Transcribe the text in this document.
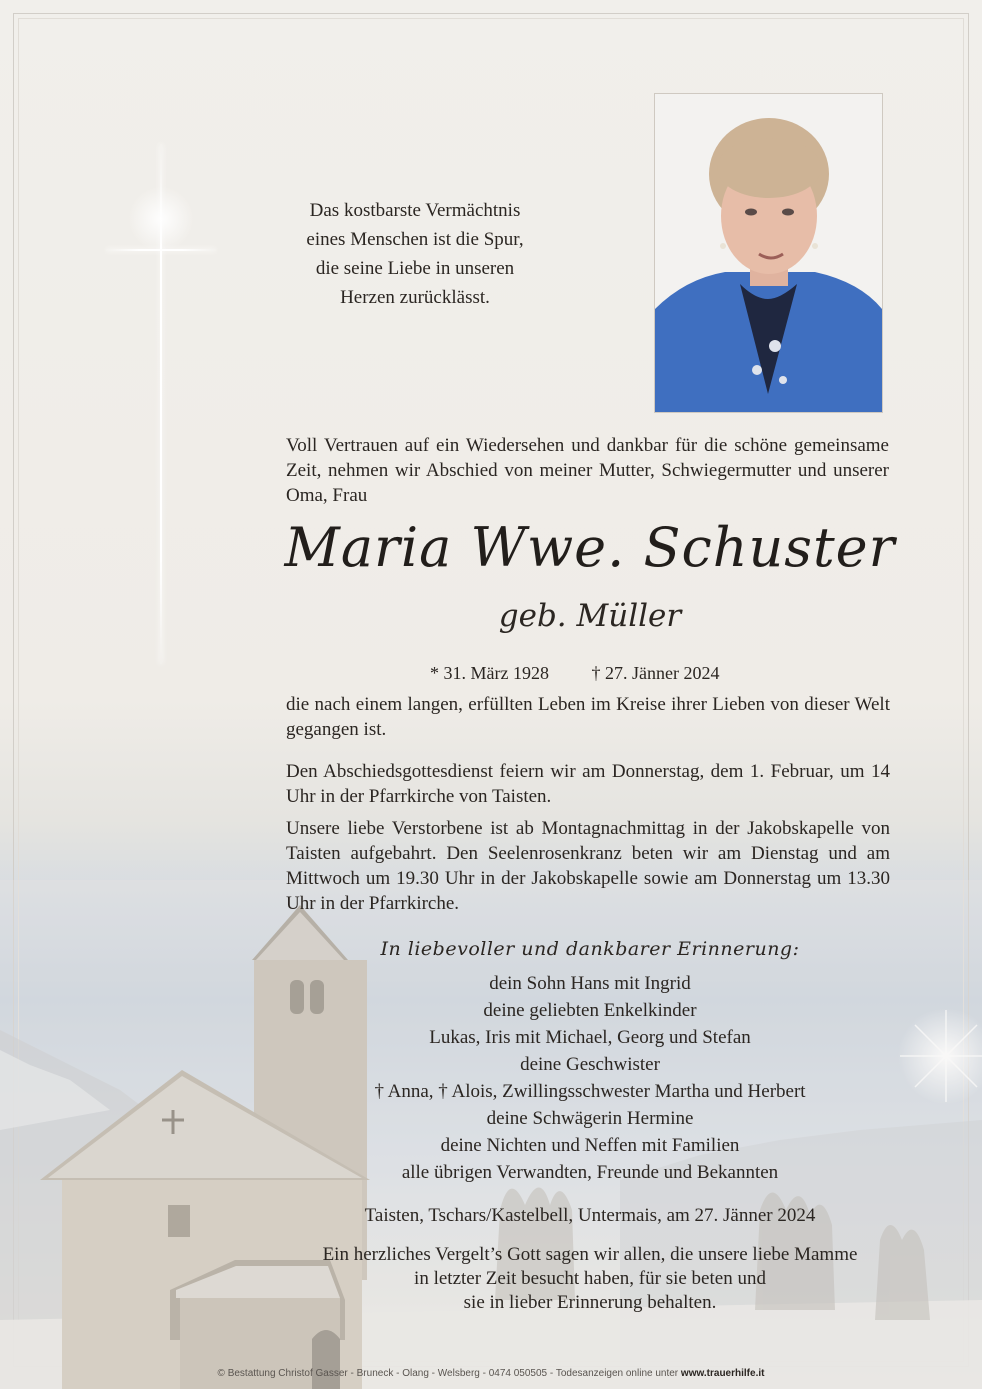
Das kostbarste Vermächtnis
eines Menschen ist die Spur,
die seine Liebe in unseren
Herzen zurücklässt.
Voll Vertrauen auf ein Wiedersehen und dankbar für die schöne gemeinsame Zeit, nehmen wir Abschied von meiner Mutter, Schwiegermutter und unserer Oma, Frau
Maria Wwe. Schuster
geb. Müller
* 31. März 1928 † 27. Jänner 2024
die nach einem langen, erfüllten Leben im Kreise ihrer Lieben von dieser Welt gegangen ist.
Den Abschiedsgottesdienst feiern wir am Donnerstag, dem 1. Februar, um 14 Uhr in der Pfarrkirche von Taisten.
Unsere liebe Verstorbene ist ab Montagnachmittag in der Jakobskapelle von Taisten aufgebahrt. Den Seelenrosenkranz beten wir am Dienstag und am Mittwoch um 19.30 Uhr in der Jakobskapelle sowie am Donnerstag um 13.30 Uhr in der Pfarrkirche.
In liebevoller und dankbarer Erinnerung:
dein Sohn Hans mit Ingrid
deine geliebten Enkelkinder
Lukas, Iris mit Michael, Georg und Stefan
deine Geschwister
† Anna, † Alois, Zwillingsschwester Martha und Herbert
deine Schwägerin Hermine
deine Nichten und Neffen mit Familien
alle übrigen Verwandten, Freunde und Bekannten
Taisten, Tschars/Kastelbell, Untermais, am 27. Jänner 2024
Ein herzliches Vergelt’s Gott sagen wir allen, die unsere liebe Mamme
in letzter Zeit besucht haben, für sie beten und
sie in lieber Erinnerung behalten.
© Bestattung Christof Gasser - Bruneck - Olang - Welsberg - 0474 050505 - Todesanzeigen online unter www.trauerhilfe.it
